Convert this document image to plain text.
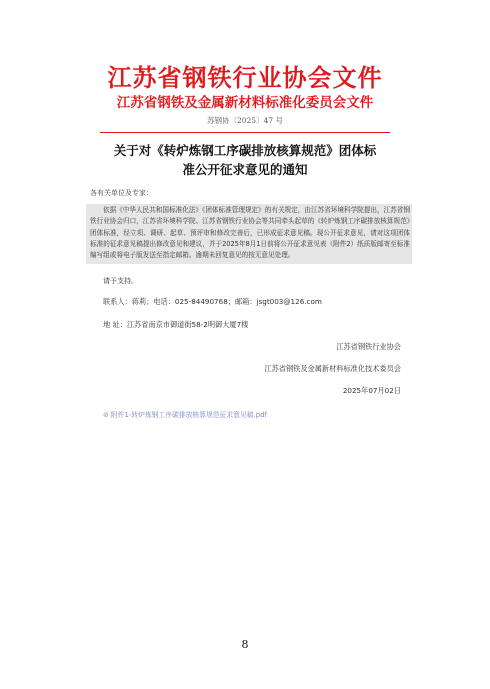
江苏省钢铁行业协会文件
江苏省钢铁及金属新材料标准化委员会文件
苏钢协〔2025〕47 号
关于对《转炉炼钢工序碳排放核算规范》团体标
准公开征求意见的通知
各有关单位及专家：
依据《中华人民共和国标准化法》《团体标准管理规定》的有关规定，由江苏省环境科学院提出，江苏省钢铁行业协会归口，江苏省环境科学院、江苏省钢铁行业协会等共同牵头起草的《转炉炼钢工序碳排放核算规范》团体标准，经立项、调研、起草、预评审和修改完善后，已形成征求意见稿。现公开征求意见，请对这项团体标准的征求意见稿提出修改意见和建议，并于2025年8月1日前将公开征求意见表（附件2）纸质版邮寄至标准编写组或将电子版发送至指定邮箱。逾期未回复意见的按无意见处理。
请予支持。
联系人：蒋莉；电话：025-84490768；邮箱：jsgt003@126.com
地 址：江苏省南京市御道街58-2明御大厦7楼
江苏省钢铁行业协会
江苏省钢铁及金属新材料标准化技术委员会
2025年07月02日
⊘ 附件1-转炉炼钢工序碳排放核算规范征求意见稿.pdf
8
